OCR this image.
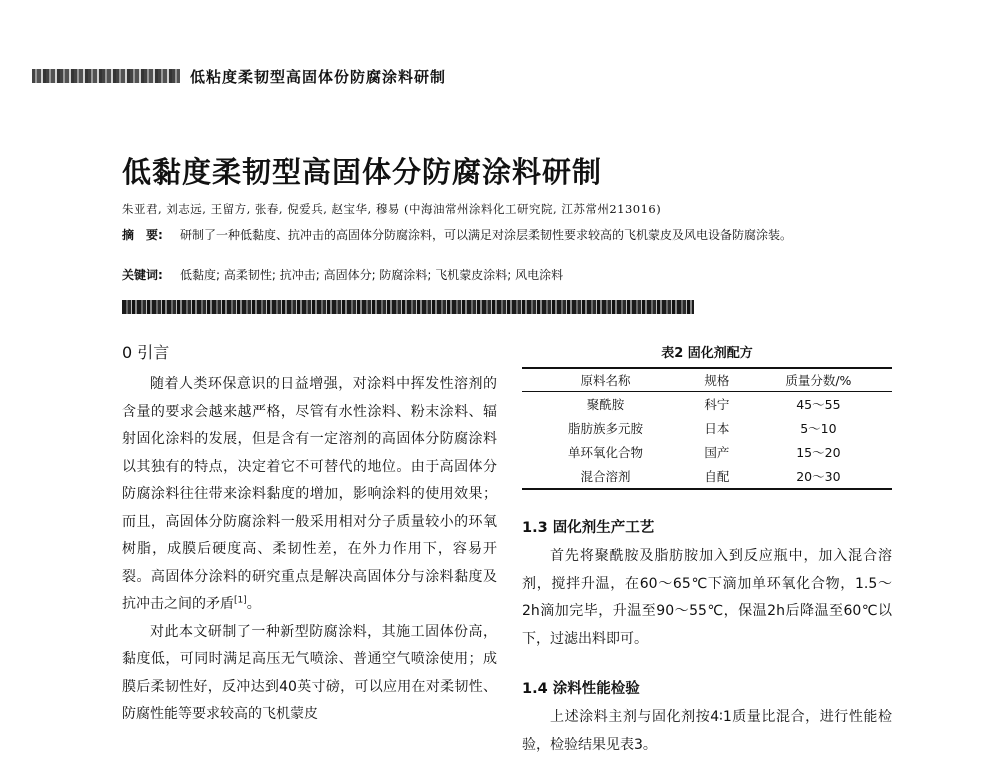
低粘度柔韧型高固体份防腐涂料研制
低黏度柔韧型高固体分防腐涂料研制
朱亚君, 刘志远, 王留方, 张春, 倪爱兵, 赵宝华, 穆易 (中海油常州涂料化工研究院, 江苏常州213016)
摘　要: 研制了一种低黏度、抗冲击的高固体分防腐涂料，可以满足对涂层柔韧性要求较高的飞机蒙皮及风电设备防腐涂装。
关键词: 低黏度; 高柔韧性; 抗冲击; 高固体分; 防腐涂料; 飞机蒙皮涂料; 风电涂料
0 引言

随着人类环保意识的日益增强，对涂料中挥发性溶剂的含量的要求会越来越严格，尽管有水性涂料、粉末涂料、辐射固化涂料的发展，但是含有一定溶剂的高固体分防腐涂料以其独有的特点，决定着它不可替代的地位。由于高固体分防腐涂料往往带来涂料黏度的增加，影响涂料的使用效果；而且，高固体分防腐涂料一般采用相对分子质量较小的环氧树脂，成膜后硬度高、柔韧性差，在外力作用下，容易开裂。高固体分涂料的研究重点是解决高固体分与涂料黏度及抗冲击之间的矛盾[1]。

对此本文研制了一种新型防腐涂料，其施工固体份高，黏度低，可同时满足高压无气喷涂、普通空气喷涂使用；成膜后柔韧性好，反冲达到40英寸磅，可以应用在对柔韧性、防腐性能等要求较高的飞机蒙皮

表2 固化剂配方
原料名称	规格	质量分数/%
聚酰胺	科宁	45～55
脂肪族多元胺	日本	5～10
单环氧化合物	国产	15～20
混合溶剂	自配	20～30
1.3 固化剂生产工艺

首先将聚酰胺及脂肪胺加入到反应瓶中，加入混合溶剂，搅拌升温，在60～65℃下滴加单环氧化合物，1.5～2h滴加完毕，升温至90～55℃，保温2h后降温至60℃以下，过滤出料即可。

1.4 涂料性能检验

上述涂料主剂与固化剂按4∶1质量比混合，进行性能检验，检验结果见表3。
